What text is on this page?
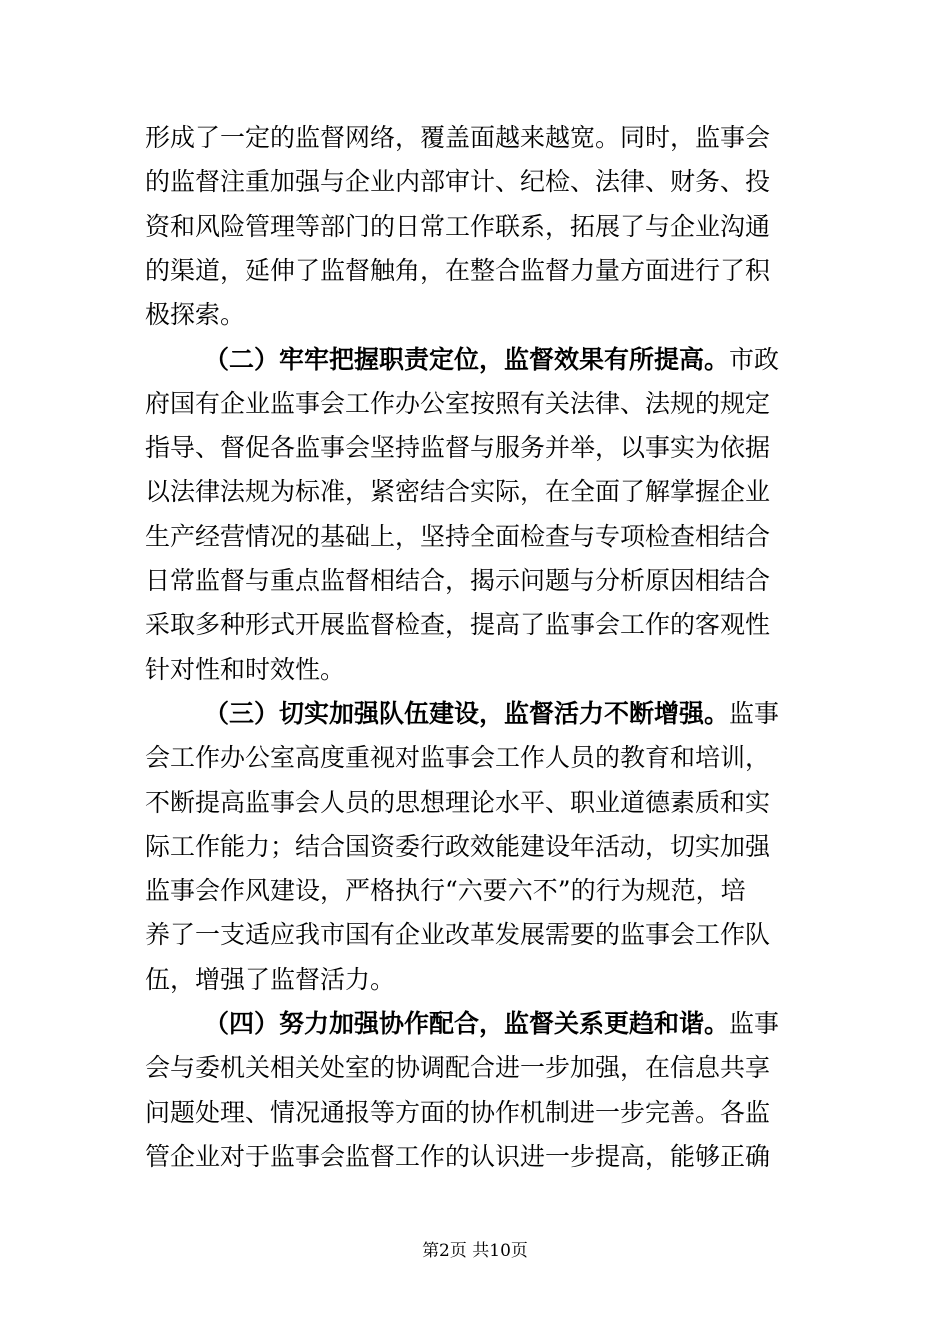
形成了一定的监督网络，覆盖面越来越宽。同时，监事会
的监督注重加强与企业内部审计、纪检、法律、财务、投
资和风险管理等部门的日常工作联系，拓展了与企业沟通
的渠道，延伸了监督触角，在整合监督力量方面进行了积
极探索。
（二）牢牢把握职责定位，监督效果有所提高。市政
府国有企业监事会工作办公室按照有关法律、法规的规定
指导、督促各监事会坚持监督与服务并举，以事实为依据
以法律法规为标准，紧密结合实际，在全面了解掌握企业
生产经营情况的基础上，坚持全面检查与专项检查相结合
日常监督与重点监督相结合，揭示问题与分析原因相结合
采取多种形式开展监督检查，提高了监事会工作的客观性
针对性和时效性。
（三）切实加强队伍建设，监督活力不断增强。监事
会工作办公室高度重视对监事会工作人员的教育和培训，
不断提高监事会人员的思想理论水平、职业道德素质和实
际工作能力；结合国资委行政效能建设年活动，切实加强
监事会作风建设，严格执行“六要六不”的行为规范，培
养了一支适应我市国有企业改革发展需要的监事会工作队
伍，增强了监督活力。
（四）努力加强协作配合，监督关系更趋和谐。监事
会与委机关相关处室的协调配合进一步加强，在信息共享
问题处理、情况通报等方面的协作机制进一步完善。各监
管企业对于监事会监督工作的认识进一步提高，能够正确
第2页 共10页
